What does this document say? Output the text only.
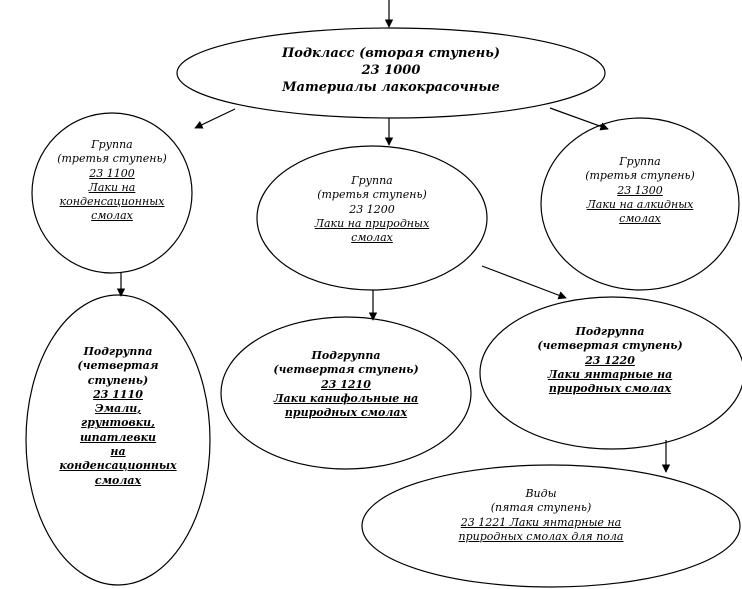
Подкласс (вторая ступень)
23 1000
Материалы лакокрасочные
Группа
(третья ступень)
23 1100
Лаки на
конденсационных
смолах
Группа
(третья ступень)
23 1200
Лаки на природных
смолах
Группа
(третья ступень)
23 1300
Лаки на алкидных
смолах
Подгруппа
(четвертая
ступень)
23 1110
Эмали,
грунтовки,
шпатлевки
на
конденсационных
смолах
Подгруппа
(четвертая ступень)
23 1210
Лаки канифольные на
природных смолах
Подгруппа
(четвертая ступень)
23 1220
Лаки янтарные на
природных смолах
Виды
(пятая ступень)
23 1221 Лаки янтарные на
природных смолах для пола
